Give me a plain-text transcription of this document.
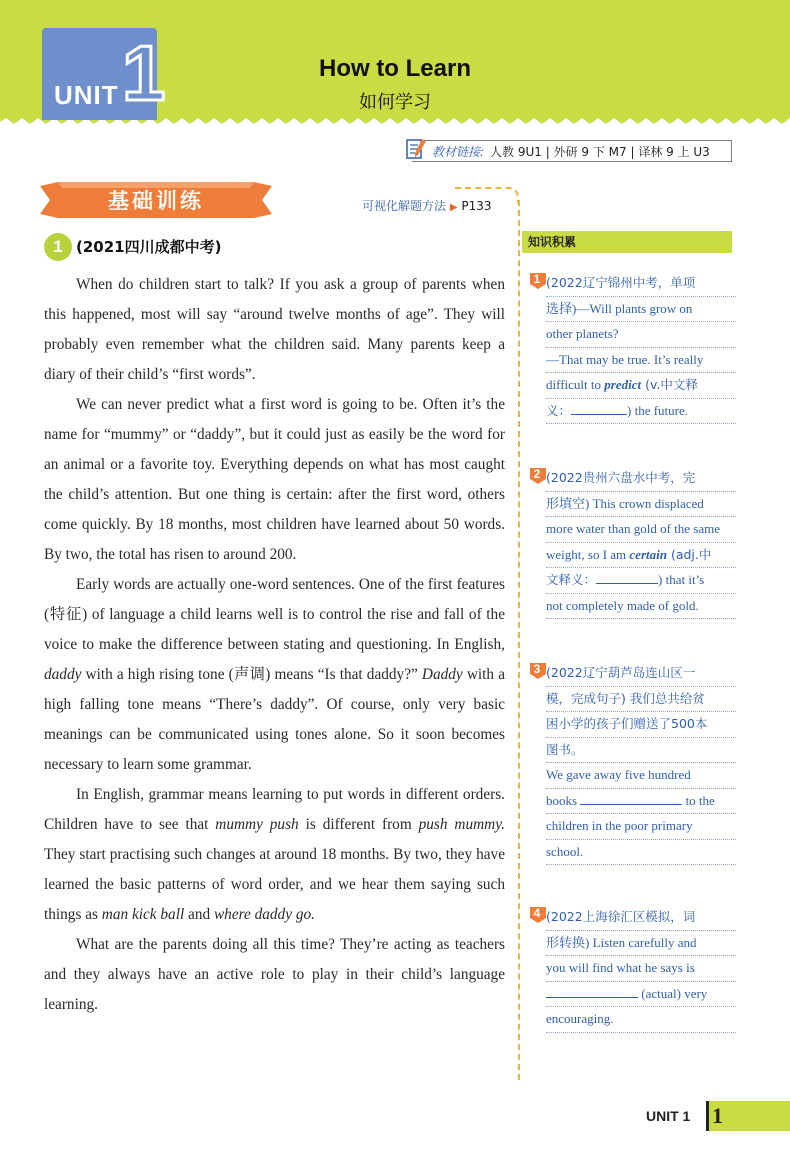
UNIT 1	How to Learn
如何学习
教材链接: 人教 9U1 | 外研 9 下 M7 | 译林 9 上 U3
基础训练	可视化解题方法 ▶ P133
1 (2021四川成都中考)

When do children start to talk? If you ask a group of parents when this happened, most will say “around twelve months of age”. They will probably even remember what the children said. Many parents keep a diary of their child’s “first words”.

We can never predict what a first word is going to be. Often it’s the name for “mummy” or “daddy”, but it could just as easily be the word for an animal or a favorite toy. Everything depends on what has most caught the child’s attention. But one thing is certain: after the first word, others come quickly. By 18 months, most children have learned about 50 words. By two, the total has risen to around 200.

Early words are actually one-word sentences. One of the first features (特征) of language a child learns well is to control the rise and fall of the voice to make the difference between stating and questioning. In English, daddy with a high rising tone (声调) means “Is that daddy?” Daddy with a high falling tone means “There’s daddy”. Of course, only very basic meanings can be communicated using tones alone. So it soon becomes necessary to learn some grammar.

In English, grammar means learning to put words in different orders. Children have to see that mummy push is different from push mummy. They start practising such changes at around 18 months. By two, they have learned the basic patterns of word order, and we hear them saying such things as man kick ball and where daddy go.

What are the parents doing all this time? They’re acting as teachers and they always have an active role to play in their child’s language learning.

知识积累
1 (2022辽宁锦州中考，单项
选择)—Will plants grow on
other planets?
—That may be true. It’s really
difficult to predict (v.中文释
义：	) the future.
2 (2022贵州六盘水中考，完
形填空) This crown displaced
more water than gold of the same
weight, so I am certain (adj.中
文释义：	) that it’s
not completely made of gold.
3 (2022辽宁葫芦岛连山区一
模，完成句子) 我们总共给贫
困小学的孩子们赠送了500本
图书。
We gave away five hundred
books	to the
children in the poor primary
school.
4 (2022上海徐汇区模拟，词
形转换) Listen carefully and
you will find what he says is
(actual) very
encouraging.
UNIT 1 1
